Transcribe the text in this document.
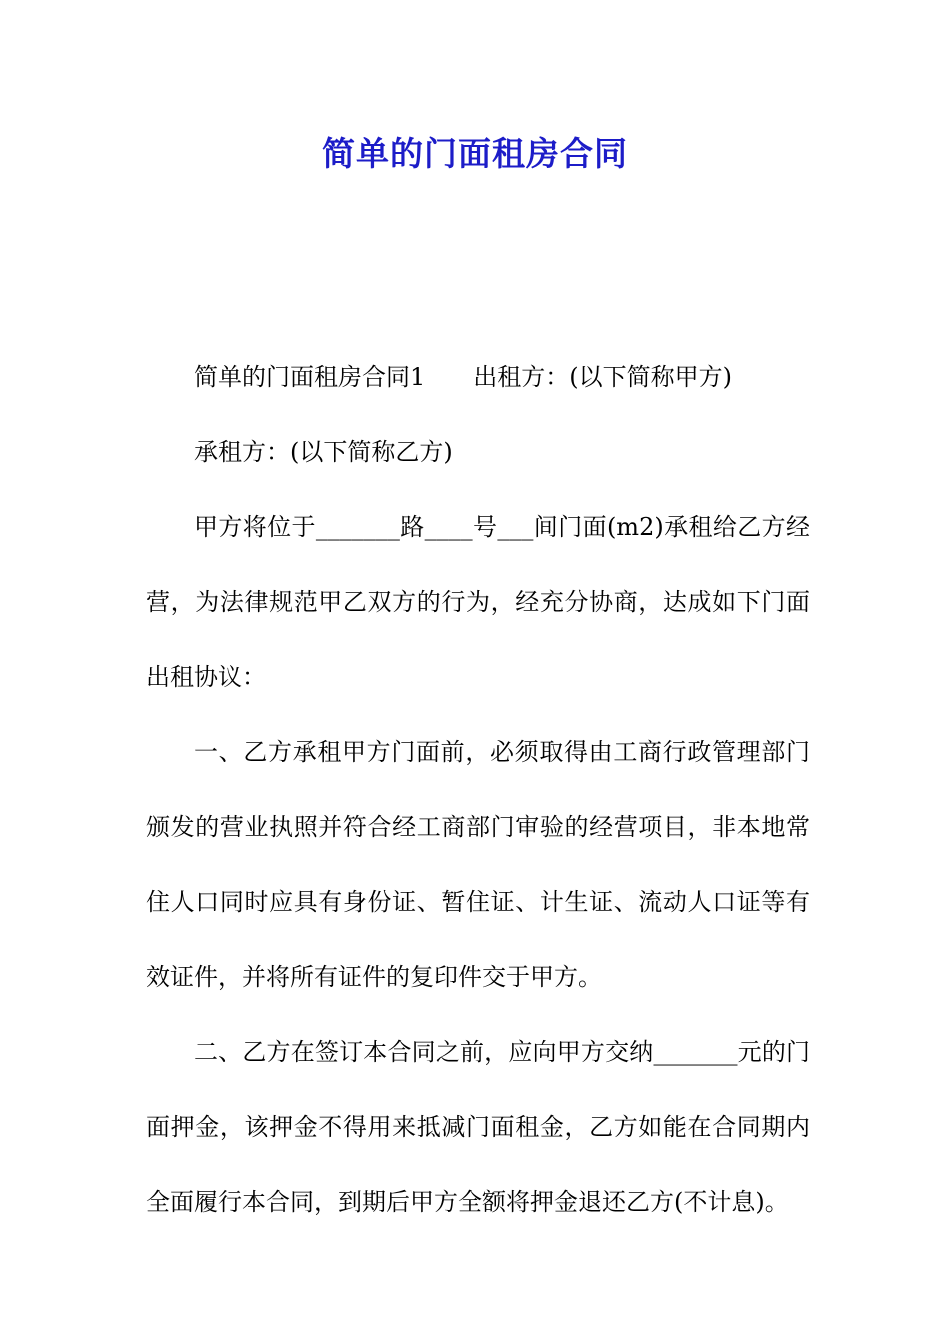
简单的门面租房合同

简单的门面租房合同1 出租方：(以下简称甲方)

承租方：(以下简称乙方)

甲方将位于_______路____号___间门面(m2)承租给乙方经营，为法律规范甲乙双方的行为，经充分协商，达成如下门面出租协议：

一、乙方承租甲方门面前，必须取得由工商行政管理部门颁发的营业执照并符合经工商部门审验的经营项目，非本地常住人口同时应具有身份证、暂住证、计生证、流动人口证等有效证件，并将所有证件的复印件交于甲方。

二、乙方在签订本合同之前，应向甲方交纳_______元的门面押金，该押金不得用来抵减门面租金，乙方如能在合同期内全面履行本合同，到期后甲方全额将押金退还乙方(不计息)。
